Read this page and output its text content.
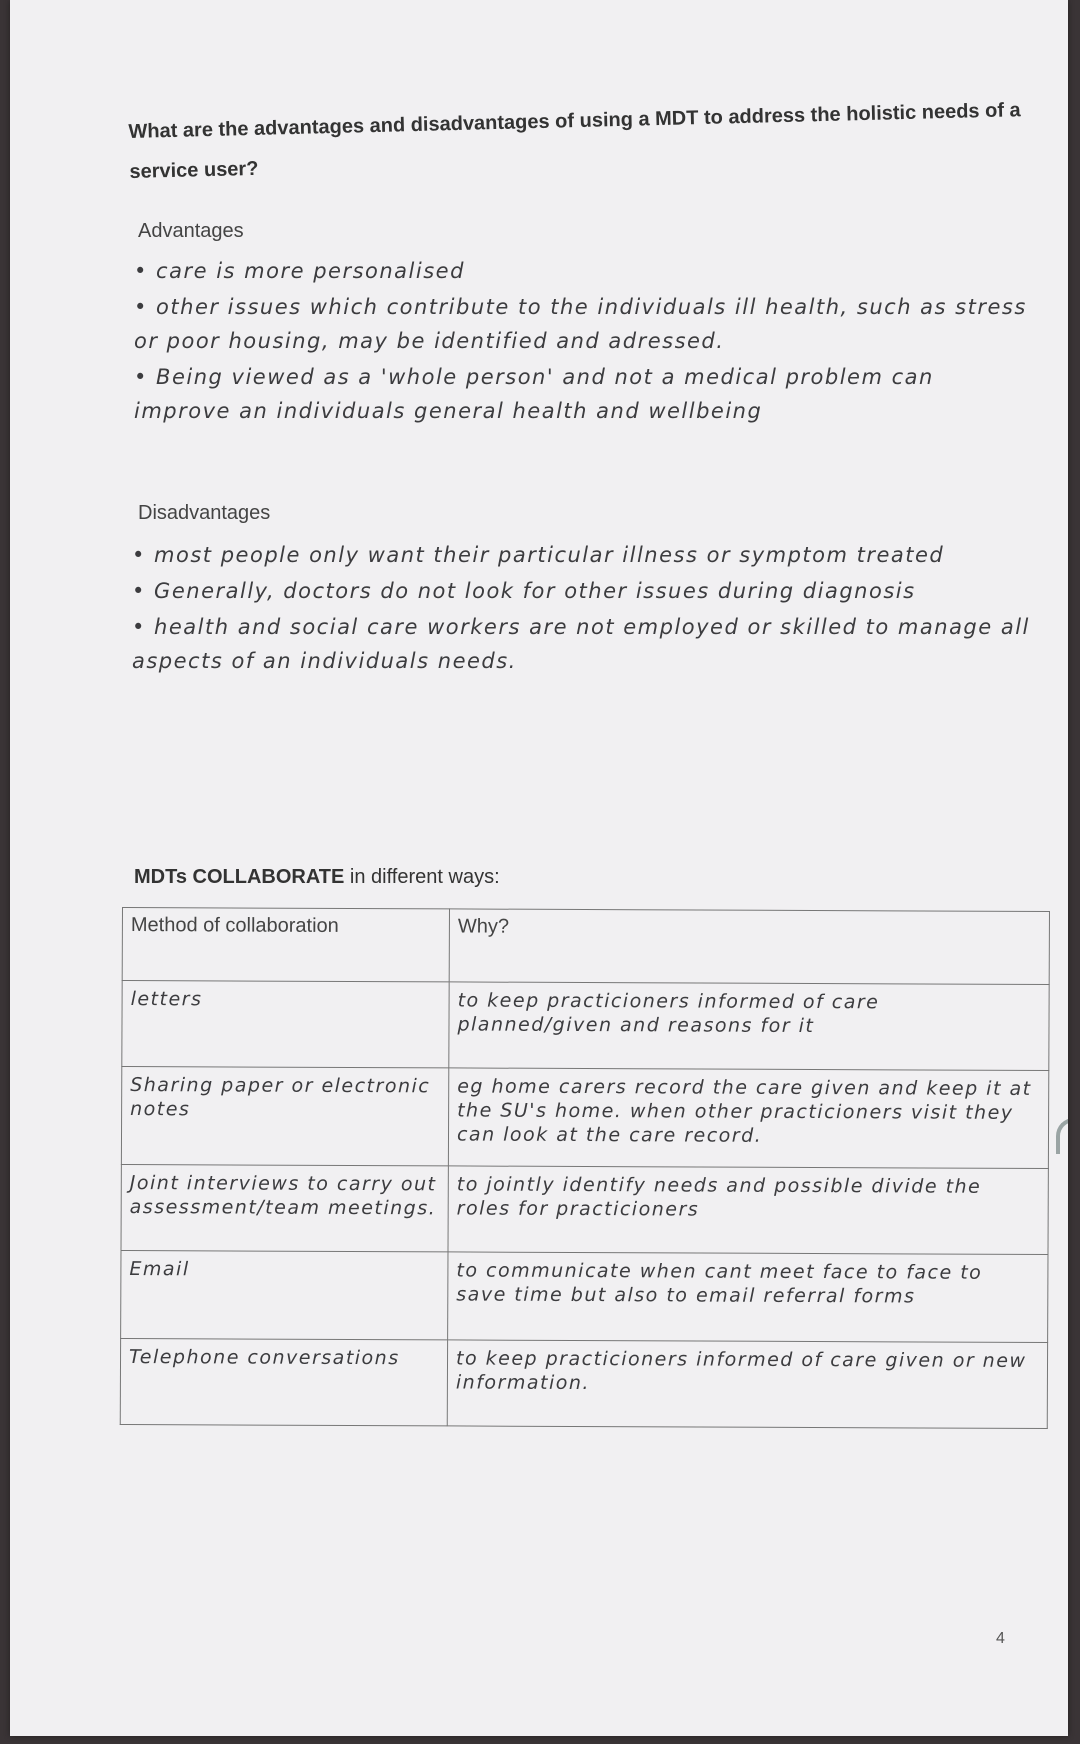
What are the advantages and disadvantages of using a MDT to address the holistic needs of a service user?
Advantages

• care is more personalised

• other issues which contribute to the individuals ill health, such as stress or poor housing, may be identified and adressed.

• Being viewed as a 'whole person' and not a medical problem can improve an individuals general health and wellbeing

Disadvantages

• most people only want their particular illness or symptom treated

• Generally, doctors do not look for other issues during diagnosis

• health and social care workers are not employed or skilled to manage all aspects of an individuals needs.

MDTs COLLABORATE in different ways:
Method of collaboration	Why?
letters	to keep practicioners informed of care planned/given and reasons for it
Sharing paper or electronic notes	eg home carers record the care given and keep it at the SU's home. when other practicioners visit they can look at the care record.
Joint interviews to carry out assessment/team meetings.	to jointly identify needs and possible divide the roles for practicioners
Email	to communicate when cant meet face to face to save time but also to email referral forms
Telephone conversations	to keep practicioners informed of care given or new information.
4
